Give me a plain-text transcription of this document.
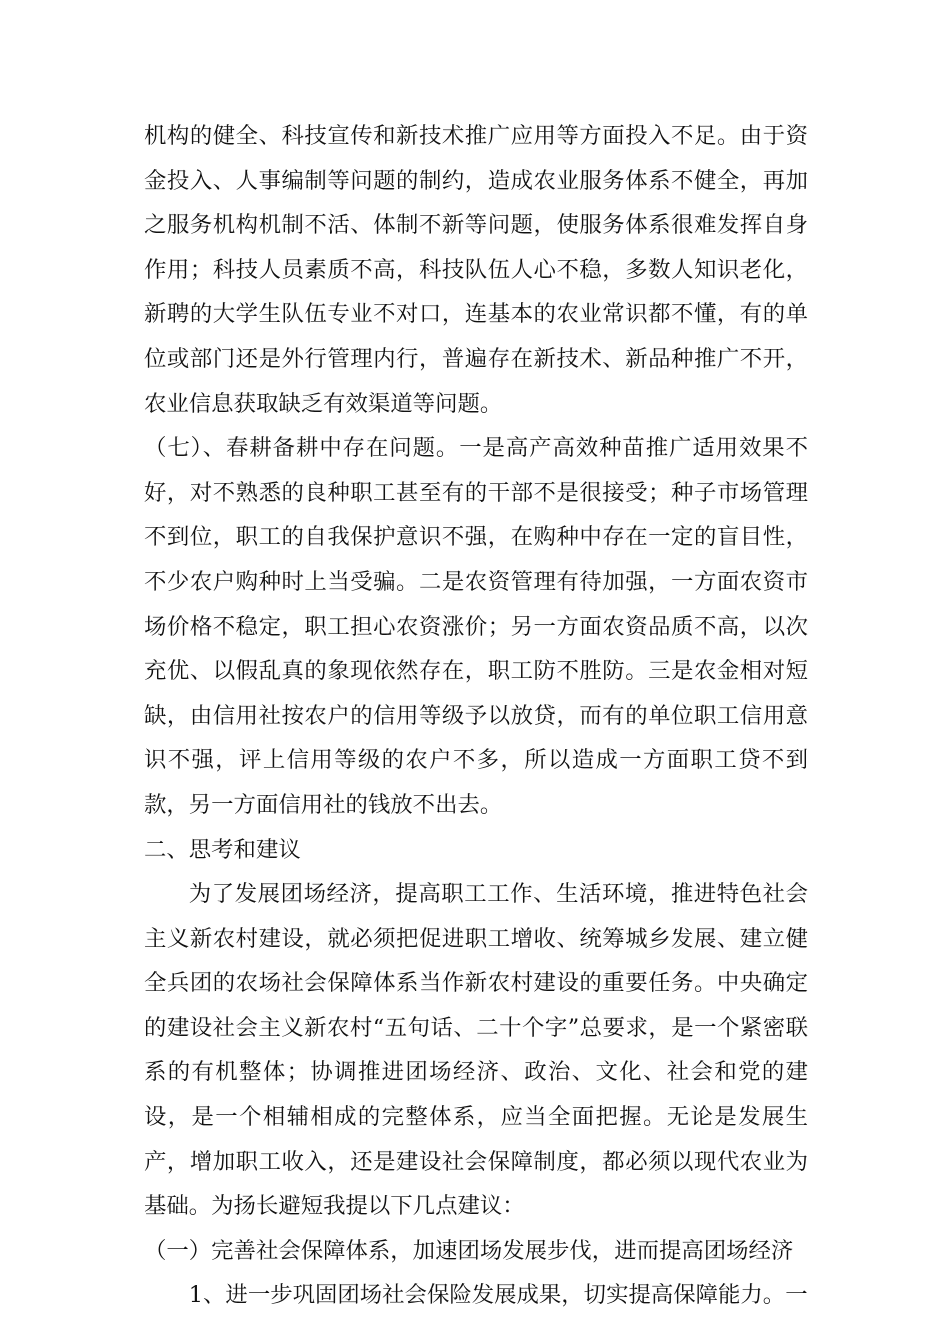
机构的健全、科技宣传和新技术推广应用等方面投入不足。由于资金投入、人事编制等问题的制约，造成农业服务体系不健全，再加之服务机构机制不活、体制不新等问题，使服务体系很难发挥自身作用；科技人员素质不高，科技队伍人心不稳，多数人知识老化，新聘的大学生队伍专业不对口，连基本的农业常识都不懂，有的单位或部门还是外行管理内行，普遍存在新技术、新品种推广不开，农业信息获取缺乏有效渠道等问题。

（七）、春耕备耕中存在问题。一是高产高效种苗推广适用效果不好，对不熟悉的良种职工甚至有的干部不是很接受；种子市场管理不到位，职工的自我保护意识不强，在购种中存在一定的盲目性，不少农户购种时上当受骗。二是农资管理有待加强，一方面农资市场价格不稳定，职工担心农资涨价；另一方面农资品质不高，以次充优、以假乱真的象现依然存在，职工防不胜防。三是农金相对短缺，由信用社按农户的信用等级予以放贷，而有的单位职工信用意识不强，评上信用等级的农户不多，所以造成一方面职工贷不到款，另一方面信用社的钱放不出去。

二、思考和建议

为了发展团场经济，提高职工工作、生活环境，推进特色社会主义新农村建设，就必须把促进职工增收、统筹城乡发展、建立健全兵团的农场社会保障体系当作新农村建设的重要任务。中央确定的建设社会主义新农村“五句话、二十个字”总要求，是一个紧密联系的有机整体；协调推进团场经济、政治、文化、社会和党的建设，是一个相辅相成的完整体系，应当全面把握。无论是发展生产，增加职工收入，还是建设社会保障制度，都必须以现代农业为基础。为扬长避短我提以下几点建议：

（一）完善社会保障体系，加速团场发展步伐，进而提高团场经济

1、进一步巩固团场社会保险发展成果，切实提高保障能力。一
